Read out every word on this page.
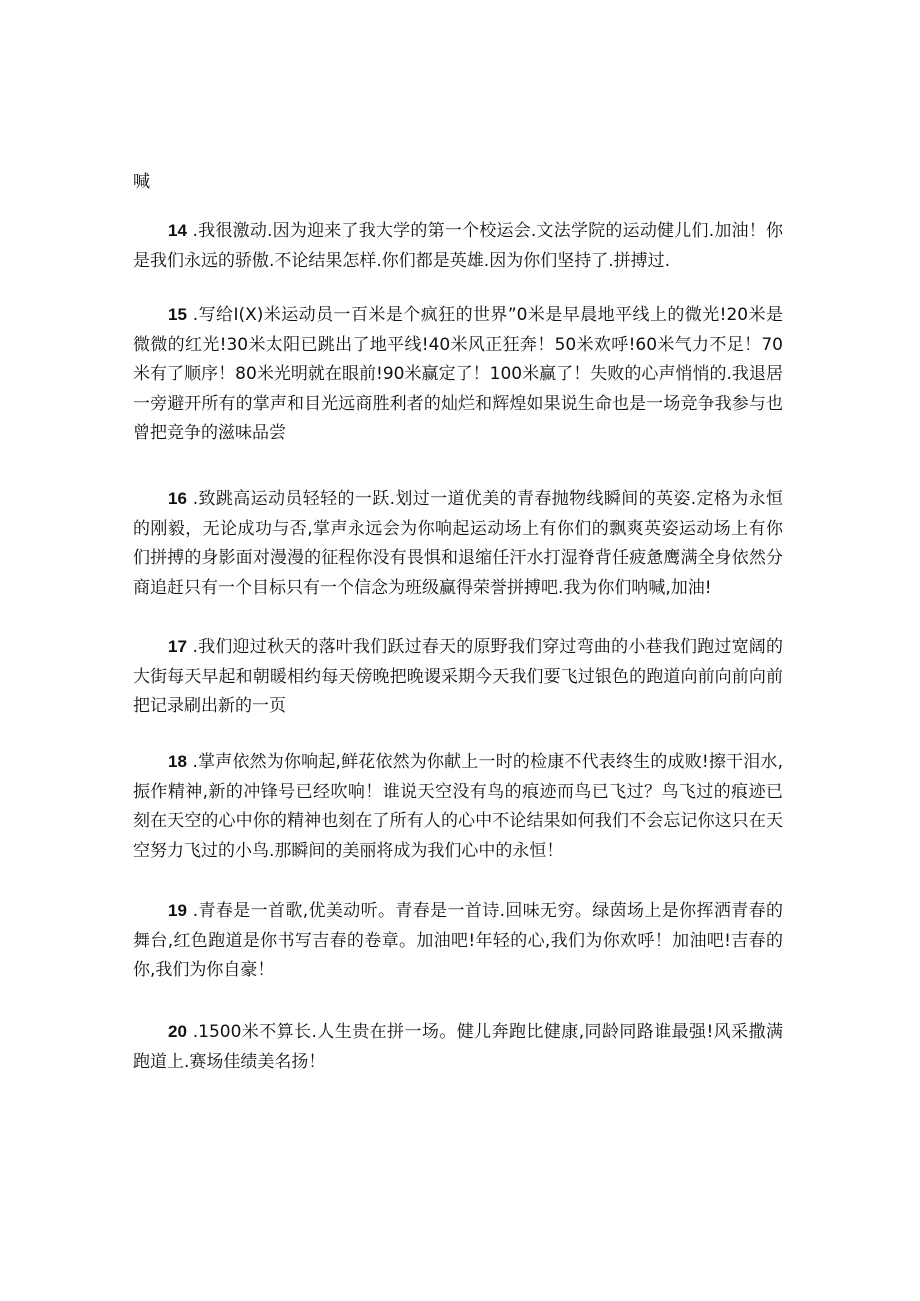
喊

14 .我很激动.因为迎来了我大学的第一个校运会.文法学院的运动健儿们.加油！你是我们永远的骄傲.不论结果怎样.你们都是英雄.因为你们坚持了.拼搏过.

15 .写给I(X)米运动员一百米是个疯狂的世界”0米是早晨地平线上的微光!20米是微微的红光!30米太阳已跳出了地平线!40米风正狂奔！50米欢呼!60米气力不足！70米有了顺序！80米光明就在眼前!90米赢定了！100米赢了！失败的心声悄悄的.我退居一旁避开所有的掌声和目光远商胜利者的灿烂和辉煌如果说生命也是一场竞争我参与也曾把竞争的滋味品尝

16 .致跳高运动员轻轻的一跃.划过一道优美的青春抛物线瞬间的英姿.定格为永恒的刚毅，无论成功与否,掌声永远会为你响起运动场上有你们的飘爽英姿运动场上有你们拼搏的身影面对漫漫的征程你没有畏惧和退缩任汗水打湿脊背任疲惫鹰满全身依然分商追赶只有一个目标只有一个信念为班级赢得荣誉拼搏吧.我为你们呐喊,加油!

17 .我们迎过秋天的落叶我们跃过春天的原野我们穿过弯曲的小巷我们跑过宽阔的大街每天早起和朝暖相约每天傍晚把晚谡采期今天我们要飞过银色的跑道向前向前向前把记录刷出新的一页

18 .掌声依然为你响起,鲜花依然为你献上一时的检康不代表终生的成败!擦干泪水,振作精神,新的冲锋号已经吹响！谁说天空没有鸟的痕迹而鸟已飞过？鸟飞过的痕迹已刻在天空的心中你的精神也刻在了所有人的心中不论结果如何我们不会忘记你这只在天空努力飞过的小鸟.那瞬间的美丽将成为我们心中的永恒！

19 .青春是一首歌,优美动听。青春是一首诗.回味无穷。绿茵场上是你挥洒青春的舞台,红色跑道是你书写吉春的卷章。加油吧!年轻的心,我们为你欢呼！加油吧!吉春的你,我们为你自豪！

20 .1500米不算长.人生贵在拼一场。健儿奔跑比健康,同龄同路谁最强!风采撒满跑道上.赛场佳绩美名扬！
